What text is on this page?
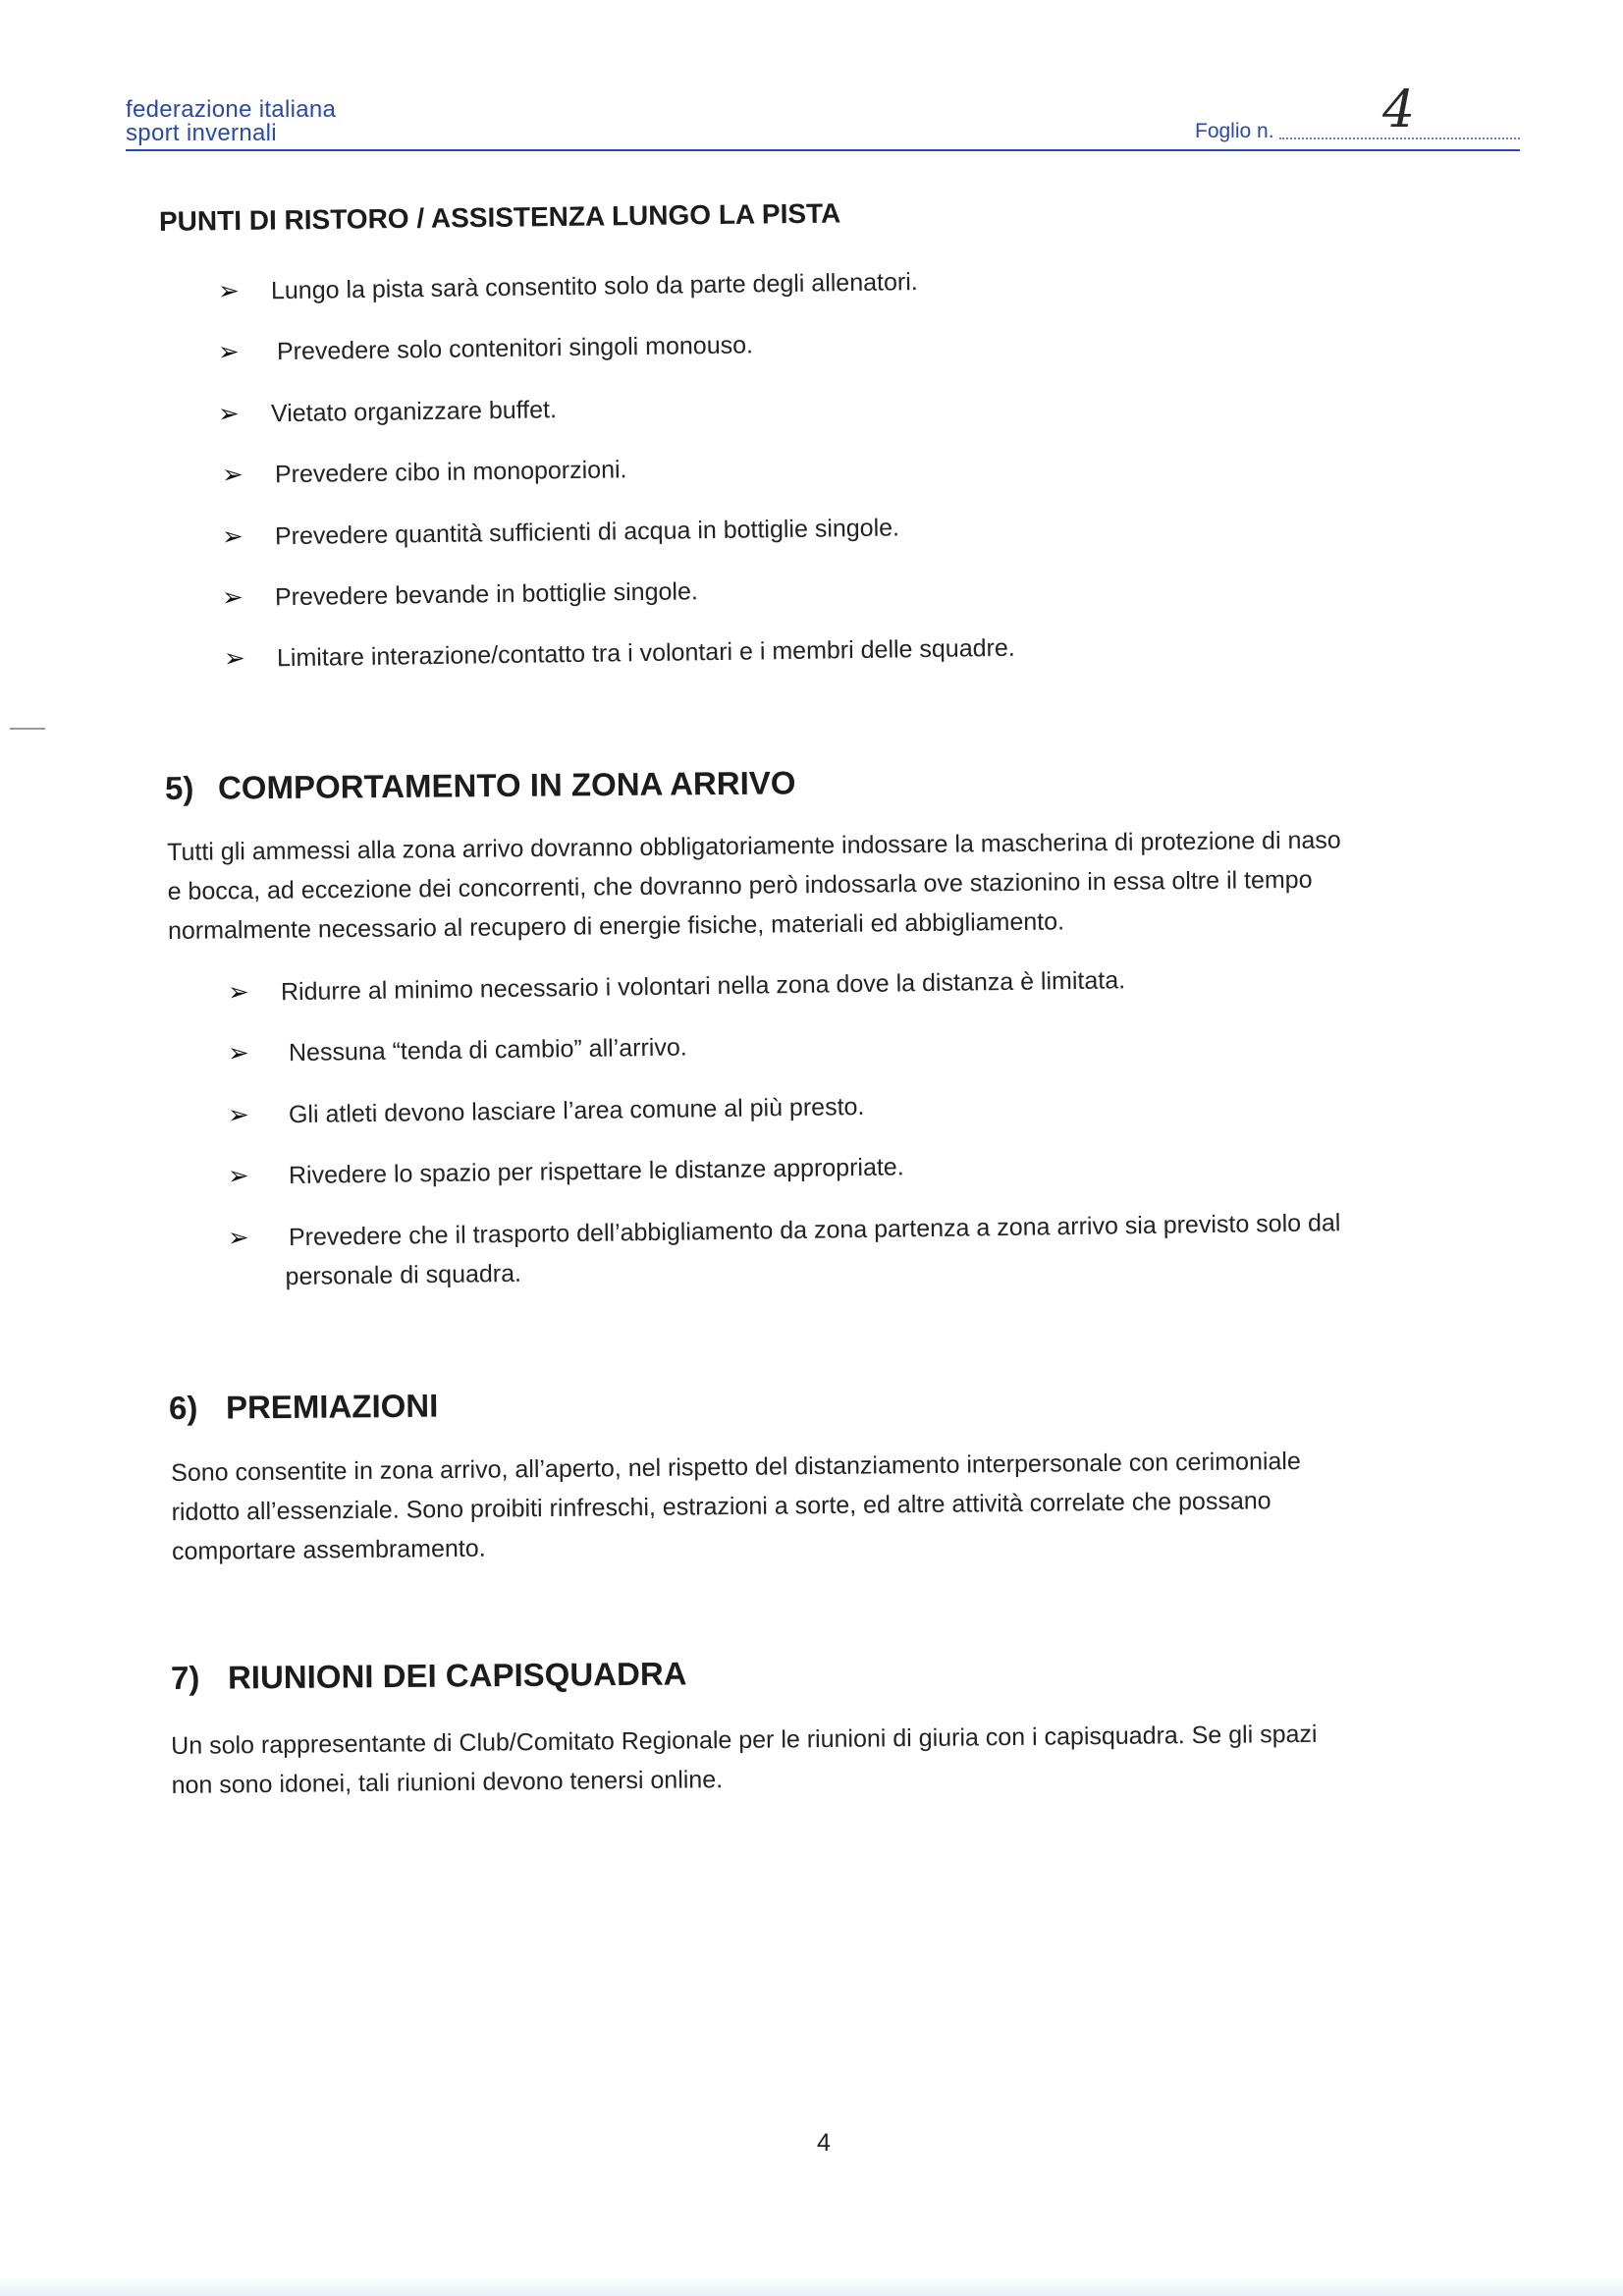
federazione italiana
sport invernali	Foglio n. 4
PUNTI DI RISTORO / ASSISTENZA LUNGO LA PISTA
➢ Lungo la pista sarà consentito solo da parte degli allenatori.
➢ Prevedere solo contenitori singoli monouso.
➢ Vietato organizzare buffet.
➢ Prevedere cibo in monoporzioni.
➢ Prevedere quantità sufficienti di acqua in bottiglie singole.
➢ Prevedere bevande in bottiglie singole.
➢ Limitare interazione/contatto tra i volontari e i membri delle squadre.
5) COMPORTAMENTO IN ZONA ARRIVO
Tutti gli ammessi alla zona arrivo dovranno obbligatoriamente indossare la mascherina di protezione di naso
e bocca, ad eccezione dei concorrenti, che dovranno però indossarla ove stazionino in essa oltre il tempo
normalmente necessario al recupero di energie fisiche, materiali ed abbigliamento.
➢ Ridurre al minimo necessario i volontari nella zona dove la distanza è limitata.
➢ Nessuna “tenda di cambio” all’arrivo.
➢ Gli atleti devono lasciare l’area comune al più presto.
➢ Rivedere lo spazio per rispettare le distanze appropriate.
➢ Prevedere che il trasporto dell’abbigliamento da zona partenza a zona arrivo sia previsto solo dal
personale di squadra.
6) PREMIAZIONI
Sono consentite in zona arrivo, all’aperto, nel rispetto del distanziamento interpersonale con cerimoniale
ridotto all’essenziale. Sono proibiti rinfreschi, estrazioni a sorte, ed altre attività correlate che possano
comportare assembramento.
7) RIUNIONI DEI CAPISQUADRA
Un solo rappresentante di Club/Comitato Regionale per le riunioni di giuria con i capisquadra. Se gli spazi
non sono idonei, tali riunioni devono tenersi online.
4
